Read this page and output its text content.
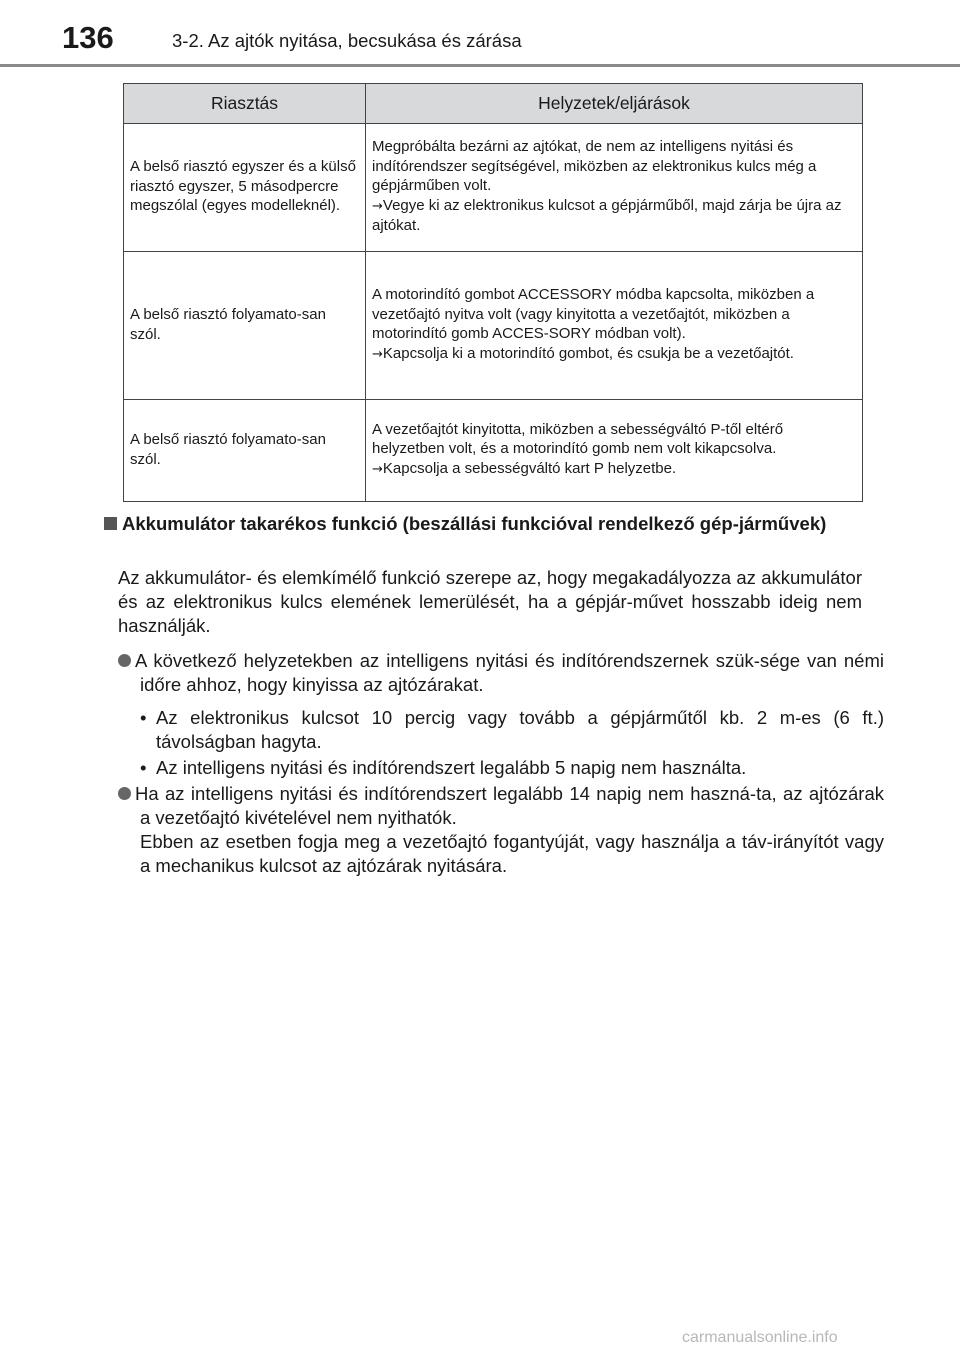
136	3-2. Az ajtók nyitása, becsukása és zárása
Riasztás	Helyzetek/eljárások
A belső riasztó egyszer és a külső riasztó egyszer, 5 másodpercre megszólal (egyes modelleknél).	Megpróbálta bezárni az ajtókat, de nem az intelligens nyitási és indítórendszer segítségével, miközben az elektronikus kulcs még a gépjárműben volt.
→Vegye ki az elektronikus kulcsot a gépjárműből, majd zárja be újra az ajtókat.

A belső riasztó folyamato-san szól.	A motorindító gombot ACCESSORY módba kapcsolta, miközben a vezetőajtó nyitva volt (vagy kinyitotta a vezetőajtót, miközben a motorindító gomb ACCES-SORY módban volt).
→Kapcsolja ki a motorindító gombot, és csukja be a vezetőajtót.

A belső riasztó folyamato-san szól.	A vezetőajtót kinyitotta, miközben a sebességváltó P-től eltérő helyzetben volt, és a motorindító gomb nem volt kikapcsolva.
→Kapcsolja a sebességváltó kart P helyzetbe.
Akkumulátor takarékos funkció (beszállási funkcióval rendelkező gép-járművek)
Az akkumulátor- és elemkímélő funkció szerepe az, hogy megakadályozza az akkumulátor és az elektronikus kulcs elemének lemerülését, ha a gépjár-művet hosszabb ideig nem használják.
A következő helyzetekben az intelligens nyitási és indítórendszernek szük-sége van némi időre ahhoz, hogy kinyissa az ajtózárakat.
• Az elektronikus kulcsot 10 percig vagy tovább a gépjárműtől kb. 2 m-es (6 ft.) távolságban hagyta.
• Az intelligens nyitási és indítórendszert legalább 5 napig nem használta.
Ha az intelligens nyitási és indítórendszert legalább 14 napig nem haszná-ta, az ajtózárak a vezetőajtó kivételével nem nyithatók.
Ebben az esetben fogja meg a vezetőajtó fogantyúját, vagy használja a táv-irányítót vagy a mechanikus kulcsot az ajtózárak nyitására.
carmanualsonline.info
